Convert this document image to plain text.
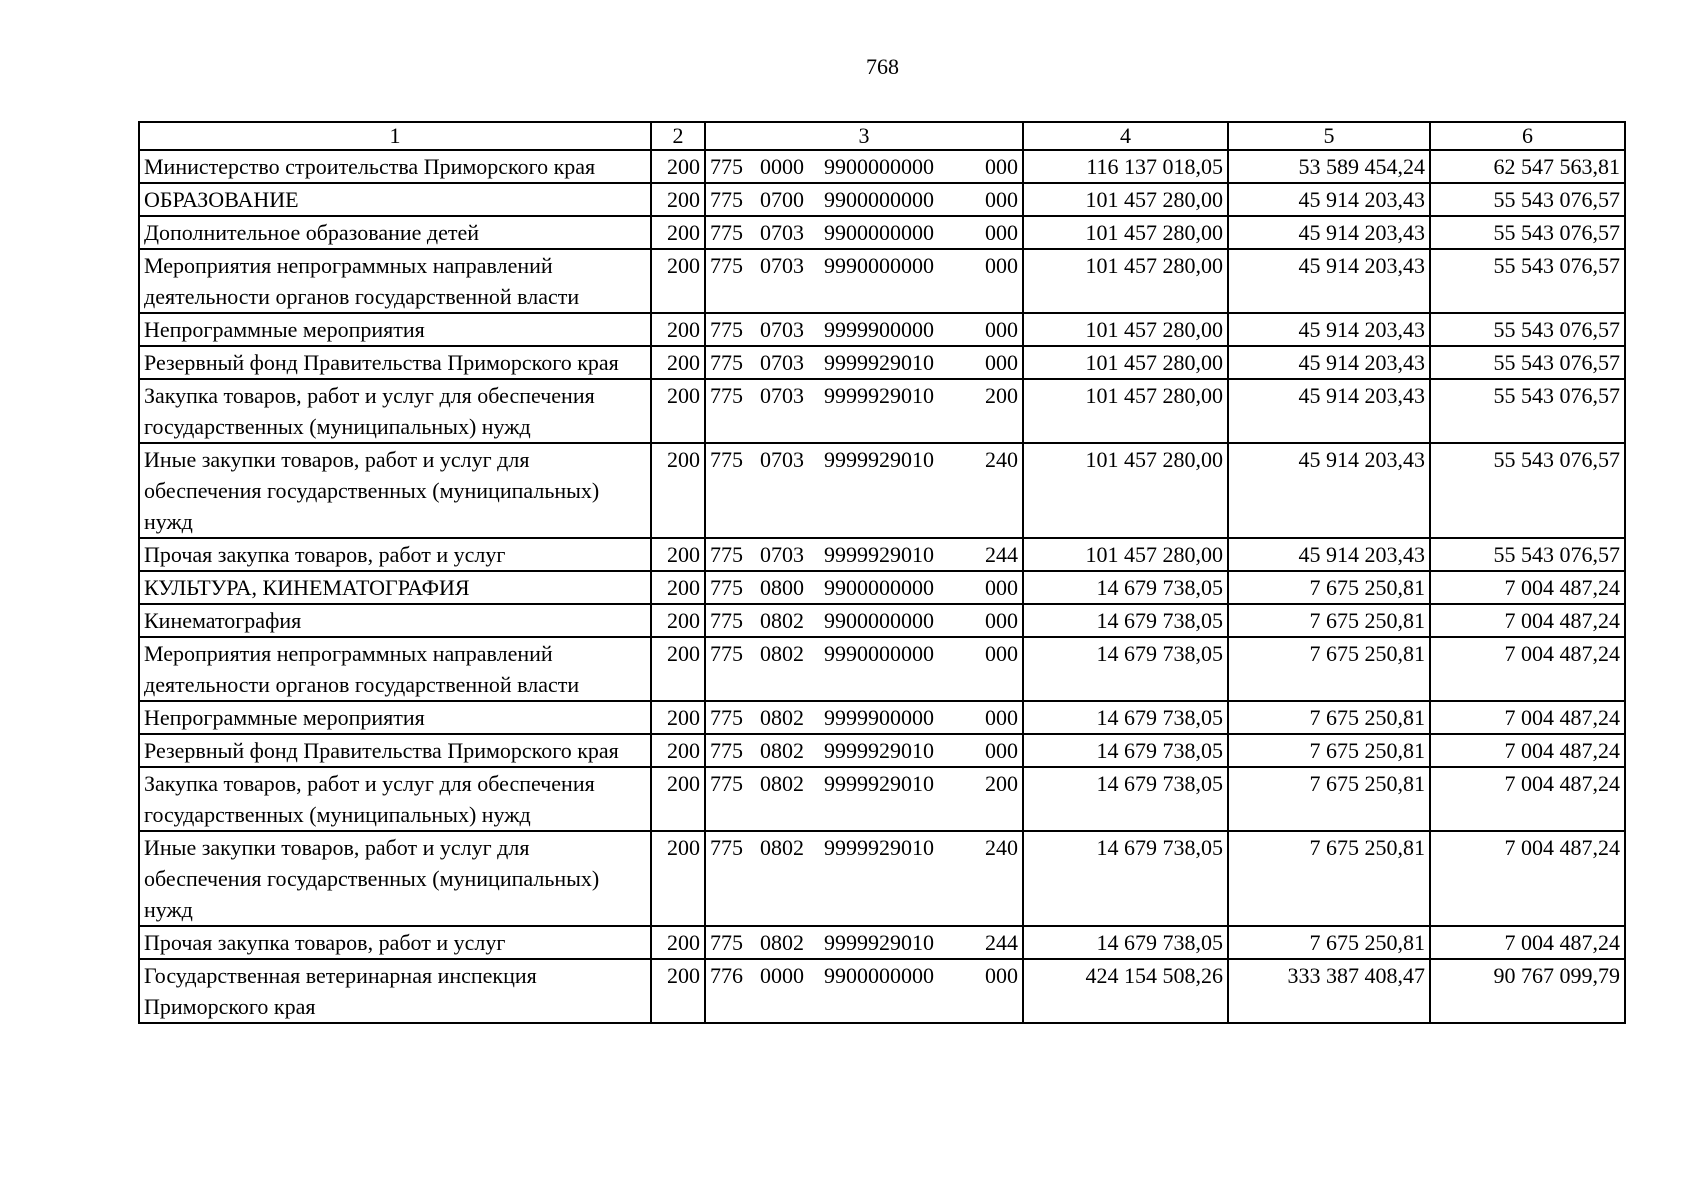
768
1	2	3	4	5	6
Министерство строительства Приморского края	200	775 0000 9900000000 000	116 137 018,05	53 589 454,24	62 547 563,81
ОБРАЗОВАНИЕ	200	775 0700 9900000000 000	101 457 280,00	45 914 203,43	55 543 076,57
Дополнительное образование детей	200	775 0703 9900000000 000	101 457 280,00	45 914 203,43	55 543 076,57
Мероприятия непрограммных направлений деятельности органов государственной власти	200	775 0703 9990000000 000	101 457 280,00	45 914 203,43	55 543 076,57
Непрограммные мероприятия	200	775 0703 9999900000 000	101 457 280,00	45 914 203,43	55 543 076,57
Резервный фонд Правительства Приморского края	200	775 0703 9999929010 000	101 457 280,00	45 914 203,43	55 543 076,57
Закупка товаров, работ и услуг для обеспечения государственных (муниципальных) нужд	200	775 0703 9999929010 200	101 457 280,00	45 914 203,43	55 543 076,57
Иные закупки товаров, работ и услуг для обеспечения государственных (муниципальных) нужд	200	775 0703 9999929010 240	101 457 280,00	45 914 203,43	55 543 076,57
Прочая закупка товаров, работ и услуг	200	775 0703 9999929010 244	101 457 280,00	45 914 203,43	55 543 076,57
КУЛЬТУРА, КИНЕМАТОГРАФИЯ	200	775 0800 9900000000 000	14 679 738,05	7 675 250,81	7 004 487,24
Кинематография	200	775 0802 9900000000 000	14 679 738,05	7 675 250,81	7 004 487,24
Мероприятия непрограммных направлений деятельности органов государственной власти	200	775 0802 9990000000 000	14 679 738,05	7 675 250,81	7 004 487,24
Непрограммные мероприятия	200	775 0802 9999900000 000	14 679 738,05	7 675 250,81	7 004 487,24
Резервный фонд Правительства Приморского края	200	775 0802 9999929010 000	14 679 738,05	7 675 250,81	7 004 487,24
Закупка товаров, работ и услуг для обеспечения государственных (муниципальных) нужд	200	775 0802 9999929010 200	14 679 738,05	7 675 250,81	7 004 487,24
Иные закупки товаров, работ и услуг для обеспечения государственных (муниципальных) нужд	200	775 0802 9999929010 240	14 679 738,05	7 675 250,81	7 004 487,24
Прочая закупка товаров, работ и услуг	200	775 0802 9999929010 244	14 679 738,05	7 675 250,81	7 004 487,24
Государственная ветеринарная инспекция Приморского края	200	776 0000 9900000000 000	424 154 508,26	333 387 408,47	90 767 099,79
